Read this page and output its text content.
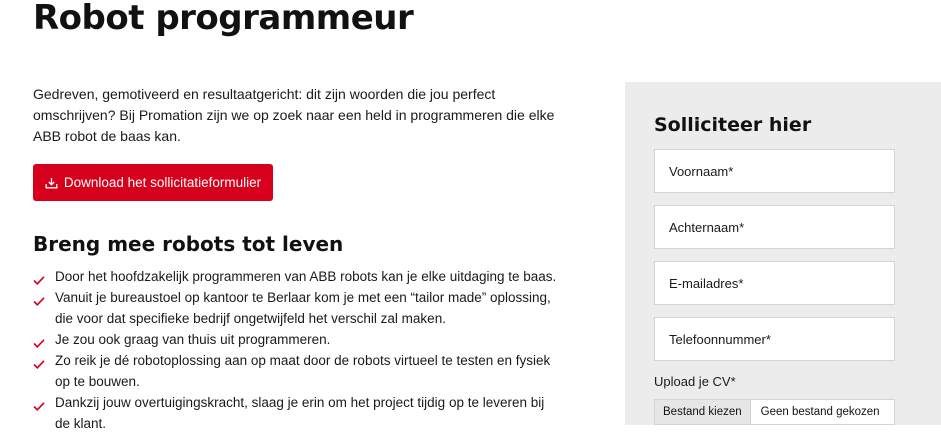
Robot programmeur

Gedreven, gemotiveerd en resultaatgericht: dit zijn woorden die jou perfect omschrijven? Bij Promation zijn we op zoek naar een held in programmeren die elke ABB robot de baas kan.

Download het sollicitatieformulier
Breng mee robots tot leven
Door het hoofdzakelijk programmeren van ABB robots kan je elke uitdaging te baas.
Vanuit je bureaustoel op kantoor te Berlaar kom je met een “tailor made” oplossing, die voor dat specifieke bedrijf ongetwijfeld het verschil zal maken.
Je zou ook graag van thuis uit programmeren.
Zo reik je dé robotoplossing aan op maat door de robots virtueel te testen en fysiek op te bouwen.
Dankzij jouw overtuigingskracht, slaag je erin om het project tijdig op te leveren bij de klant.
Solliciteer hier
Voornaam*
Achternaam*
E-mailadres*
Telefoonnummer*
Upload je CV*
Bestand kiezen	Geen bestand gekozen
